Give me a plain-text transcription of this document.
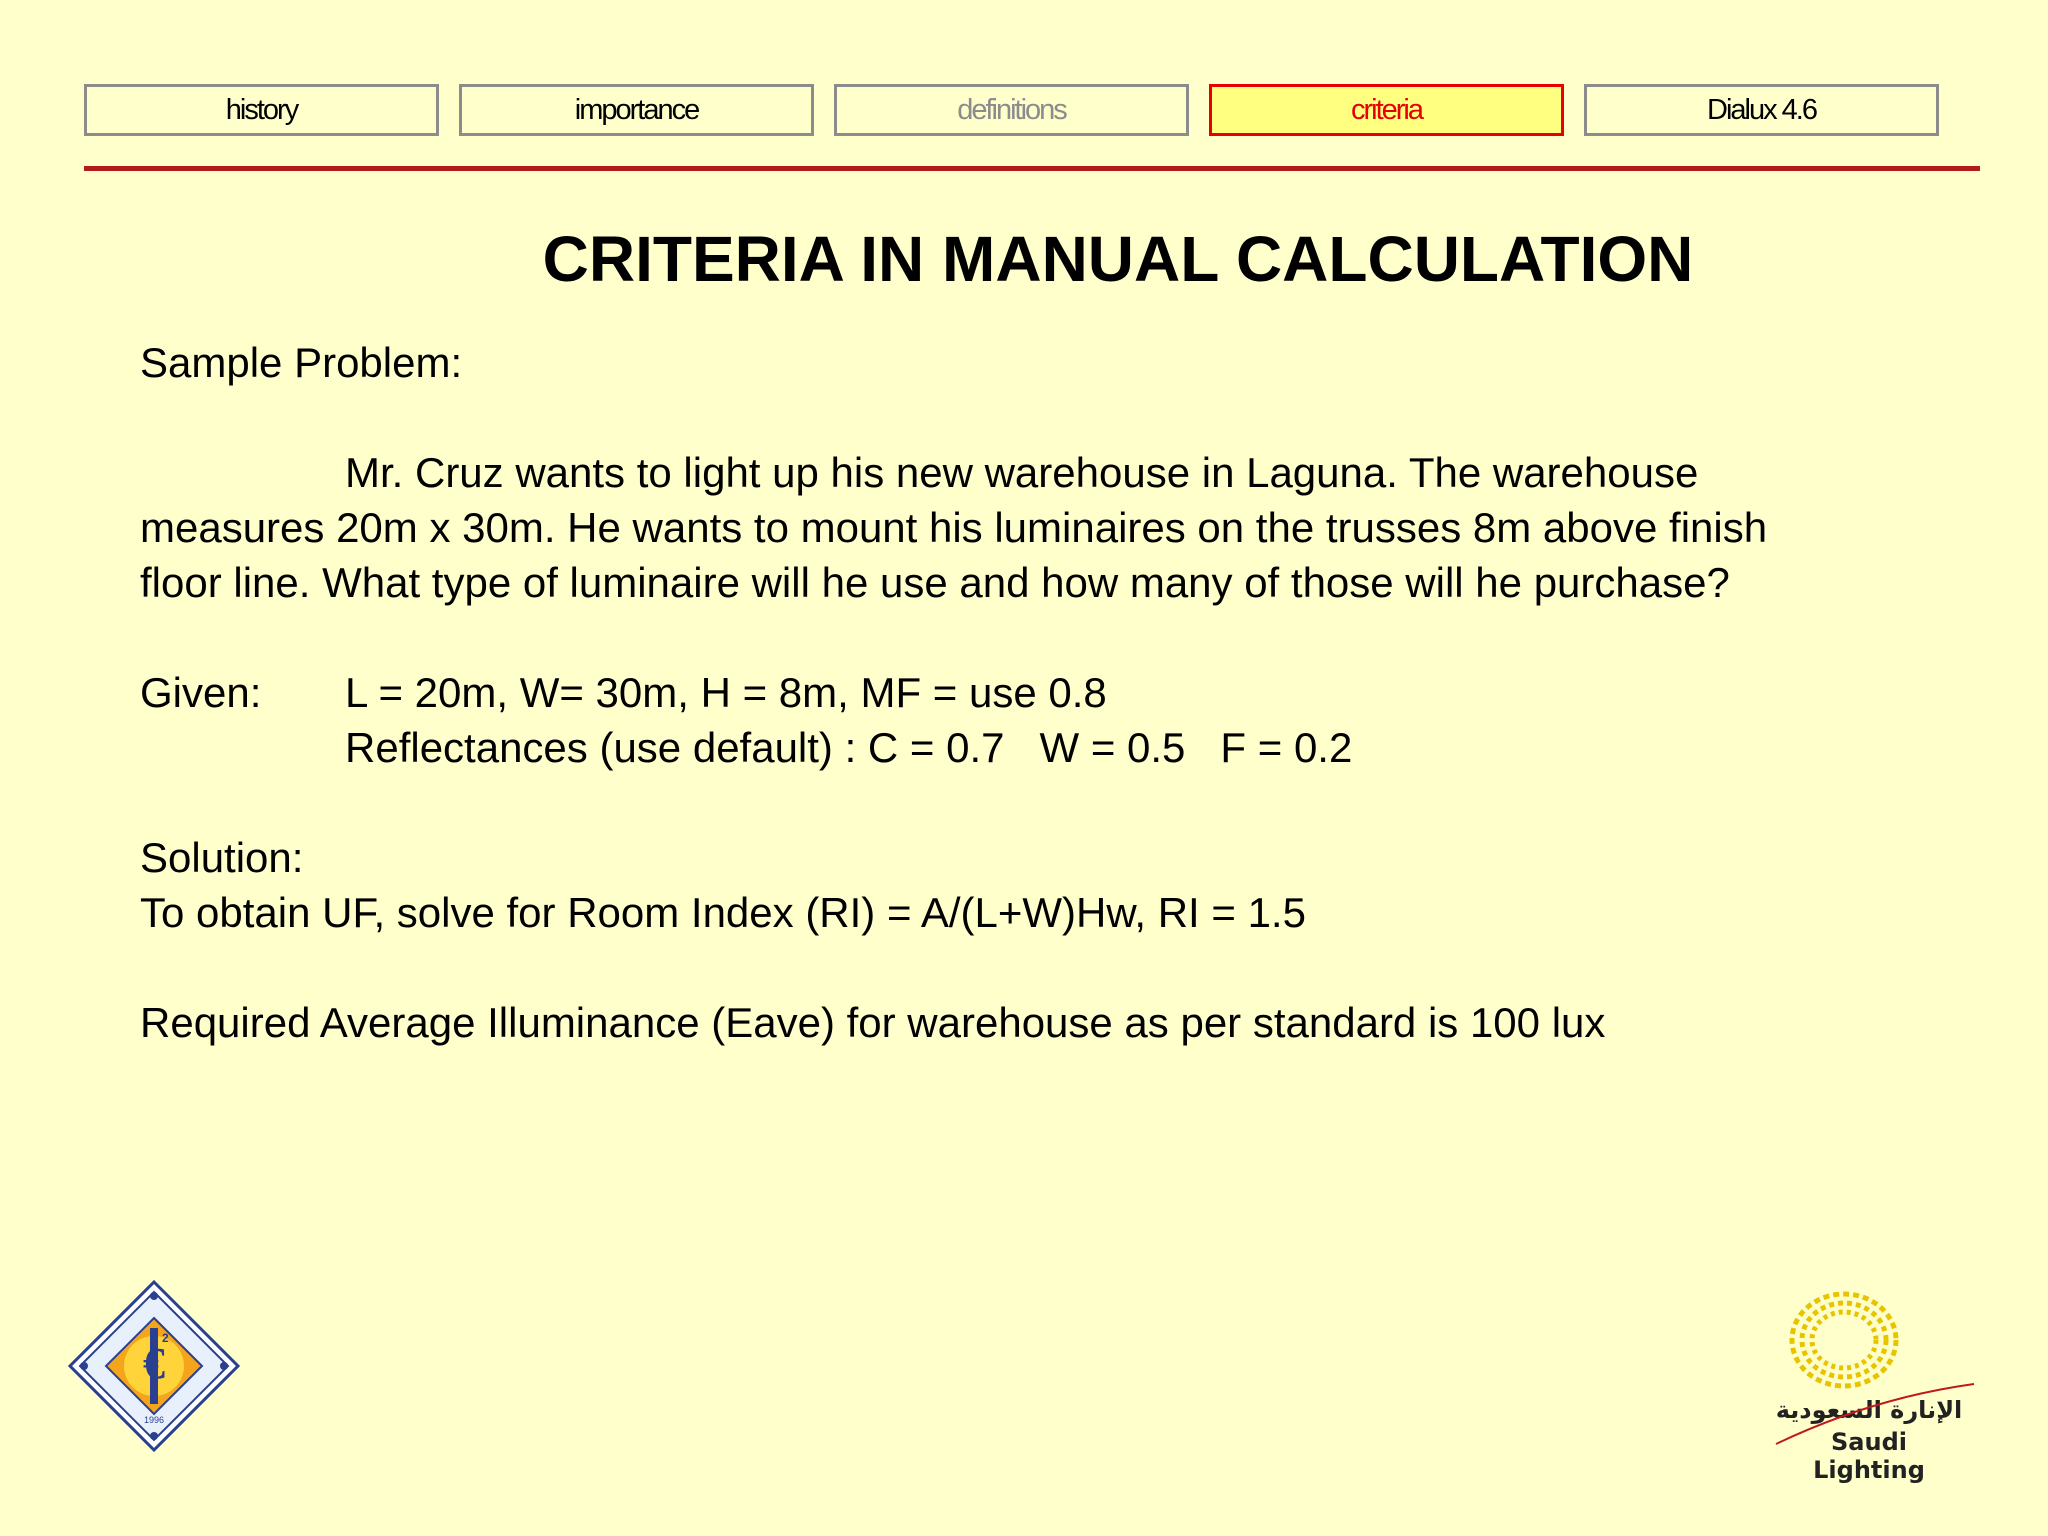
history	importance	definitions	criteria	Dialux 4.6
CRITERIA IN MANUAL CALCULATION
Sample Problem:
Mr. Cruz wants to light up his new warehouse in Laguna. The warehouse
measures 20m x 30m. He wants to mount his luminaires on the trusses 8m above finish
floor line. What type of luminaire will he use and how many of those will he purchase?
Given: L = 20m, W= 30m, H = 8m, MF = use 0.8
Reflectances (use default) : C = 0.7   W = 0.5   F = 0.2
Solution:
To obtain UF, solve for Room Index (RI) = A/(L+W)Hw, RI = 1.5
Required Average Illuminance (Eave) for warehouse as per standard is 100 lux
€
2
1996	الإنارة السعودية
Saudi Lighting
